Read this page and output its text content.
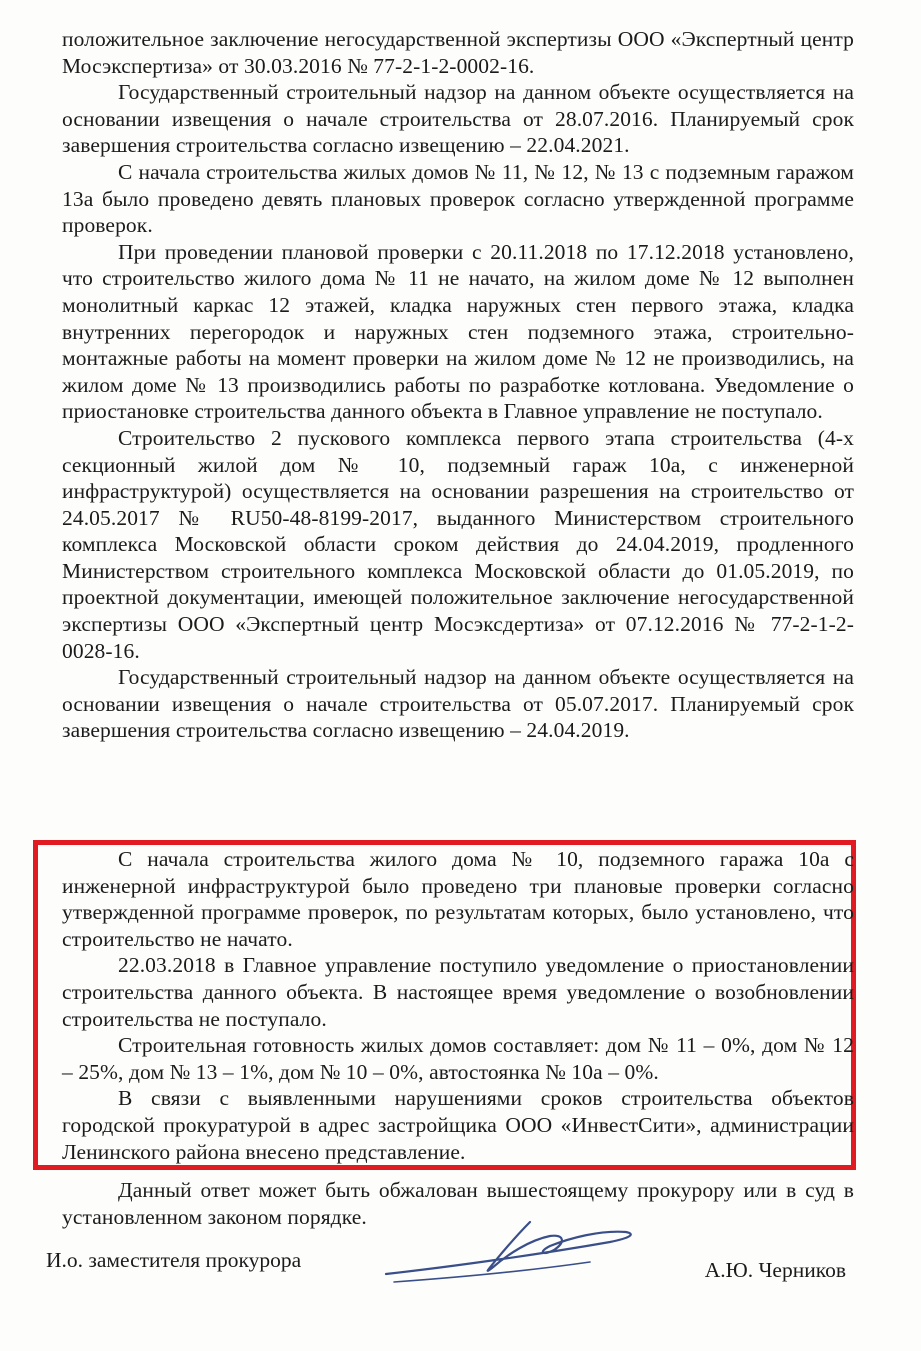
положительное заключение негосударственной экспертизы ООО «Экспертный центр Мосэкспертиза» от 30.03.2016 № 77-2-1-2-0002-16.

Государственный строительный надзор на данном объекте осуществляется на основании извещения о начале строительства от 28.07.2016. Планируемый срок завершения строительства согласно извещению – 22.04.2021.

С начала строительства жилых домов № 11, № 12, № 13 с подземным гаражом 13а было проведено девять плановых проверок согласно утвержденной программе проверок.

При проведении плановой проверки с 20.11.2018 по 17.12.2018 установлено, что строительство жилого дома № 11 не начато, на жилом доме № 12 выполнен монолитный каркас 12 этажей, кладка наружных стен первого этажа, кладка внутренних перегородок и наружных стен подземного этажа, строительно-монтажные работы на момент проверки на жилом доме № 12 не производились, на жилом доме № 13 производились работы по разработке котлована. Уведомление о приостановке строительства данного объекта в Главное управление не поступало.

Строительство 2 пускового комплекса первого этапа строительства (4-х секционный жилой дом № 10, подземный гараж 10а, с инженерной инфраструктурой) осуществляется на основании разрешения на строительство от 24.05.2017 № RU50-48-8199-2017, выданного Министерством строительного комплекса Московской области сроком действия до 24.04.2019, продленного Министерством строительного комплекса Московской области до 01.05.2019, по проектной документации, имеющей положительное заключение негосударственной экспертизы ООО «Экспертный центр Мосэксдертиза» от 07.12.2016 № 77-2-1-2-0028-16.

Государственный строительный надзор на данном объекте осуществляется на основании извещения о начале строительства от 05.07.2017. Планируемый срок завершения строительства согласно извещению – 24.04.2019.

С начала строительства жилого дома № 10, подземного гаража 10а с инженерной инфраструктурой было проведено три плановые проверки согласно утвержденной программе проверок, по результатам которых, было установлено, что строительство не начато.

22.03.2018 в Главное управление поступило уведомление о приостановлении строительства данного объекта. В настоящее время уведомление о возобновлении строительства не поступало.

Строительная готовность жилых домов составляет: дом № 11 – 0%, дом № 12 – 25%, дом № 13 – 1%, дом № 10 – 0%, автостоянка № 10а – 0%.

В связи с выявленными нарушениями сроков строительства объектов городской прокуратурой в адрес застройщика ООО «ИнвестСити», администрации Ленинского района внесено представление.

Данный ответ может быть обжалован вышестоящему прокурору или в суд в установленном законом порядке.

И.о. заместителя прокурора	А.Ю. Черников
